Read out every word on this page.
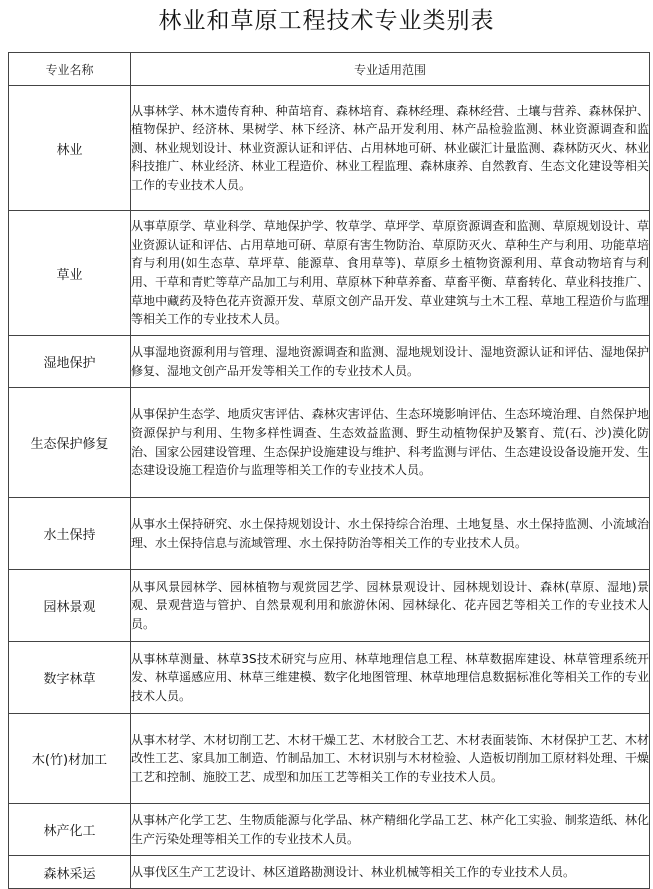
林业和草原工程技术专业类别表
专业名称	专业适用范围
林业	从事林学、林木遗传育种、种苗培育、森林培育、森林经理、森林经营、土壤与营养、森林保护、植物保护、经济林、果树学、林下经济、林产品开发利用、林产品检验监测、林业资源调查和监测、林业规划设计、林业资源认证和评估、占用林地可研、林业碳汇计量监测、森林防灭火、林业科技推广、林业经济、林业工程造价、林业工程监理、森林康养、自然教育、生态文化建设等相关工作的专业技术人员。
草业	从事草原学、草业科学、草地保护学、牧草学、草坪学、草原资源调查和监测、草原规划设计、草业资源认证和评估、占用草地可研、草原有害生物防治、草原防灭火、草种生产与利用、功能草培育与利用(如生态草、草坪草、能源草、食用草等)、草原乡土植物资源利用、草食动物培育与利用、干草和青贮等草产品加工与利用、草原林下种草养畜、草畜平衡、草畜转化、草业科技推广、草地中藏药及特色花卉资源开发、草原文创产品开发、草业建筑与土木工程、草地工程造价与监理等相关工作的专业技术人员。
湿地保护	从事湿地资源利用与管理、湿地资源调查和监测、湿地规划设计、湿地资源认证和评估、湿地保护修复、湿地文创产品开发等相关工作的专业技术人员。
生态保护修复	从事保护生态学、地质灾害评估、森林灾害评估、生态环境影响评估、生态环境治理、自然保护地资源保护与利用、生物多样性调查、生态效益监测、野生动植物保护及繁育、荒(石、沙)漠化防治、国家公园建设管理、生态保护设施建设与维护、科考监测与评估、生态建设设备设施开发、生态建设设施工程造价与监理等相关工作的专业技术人员。
水土保持	从事水土保持研究、水土保持规划设计、水土保持综合治理、土地复垦、水土保持监测、小流域治理、水土保持信息与流域管理、水土保持防治等相关工作的专业技术人员。
园林景观	从事风景园林学、园林植物与观赏园艺学、园林景观设计、园林规划设计、森林(草原、湿地)景观、景观营造与管护、自然景观利用和旅游休闲、园林绿化、花卉园艺等相关工作的专业技术人员。
数字林草	从事林草测量、林草3S技术研究与应用、林草地理信息工程、林草数据库建设、林草管理系统开发、林草遥感应用、林草三维建模、数字化地图管理、林草地理信息数据标准化等相关工作的专业技术人员。
木(竹)材加工	从事木材学、木材切削工艺、木材干燥工艺、木材胶合工艺、木材表面装饰、木材保护工艺、木材改性工艺、家具加工制造、竹制品加工、木材识别与木材检验、人造板切削加工原材料处理、干燥工艺和控制、施胶工艺、成型和加压工艺等相关工作的专业技术人员。
林产化工	从事林产化学工艺、生物质能源与化学品、林产精细化学品工艺、林产化工实验、制浆造纸、林化生产污染处理等相关工作的专业技术人员。
森林采运	从事伐区生产工艺设计、林区道路勘测设计、林业机械等相关工作的专业技术人员。
